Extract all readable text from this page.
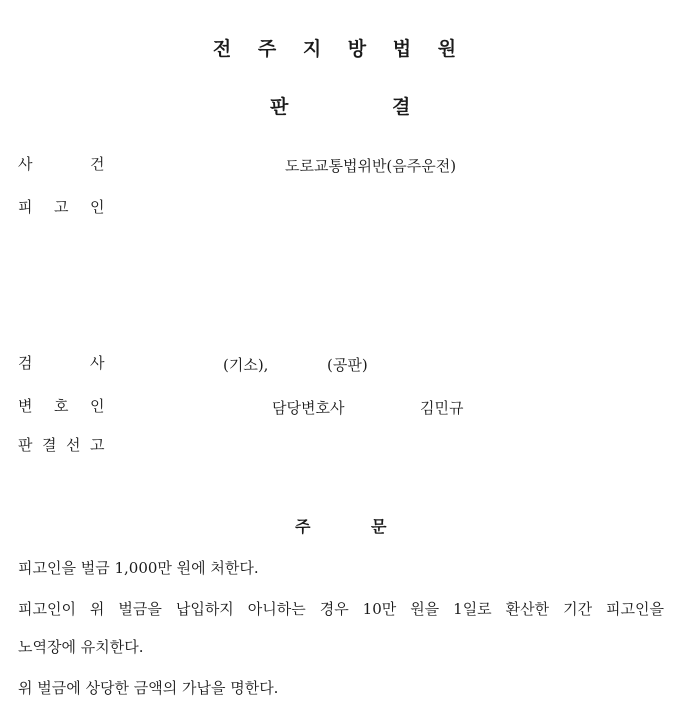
전 주 지 방 법 원
판	결
사	건	도로교통법위반(음주운전)
피 고 인
검	사	(기소),	(공판)
변 호 인	담당변호사	김민규
판 결 선 고
주	문
피고인을 벌금 1,000만 원에 처한다.
피고인이 위 벌금을 납입하지 아니하는 경우 10만 원을 1일로 환산한 기간 피고인을
노역장에 유치한다.
위 벌금에 상당한 금액의 가납을 명한다.
